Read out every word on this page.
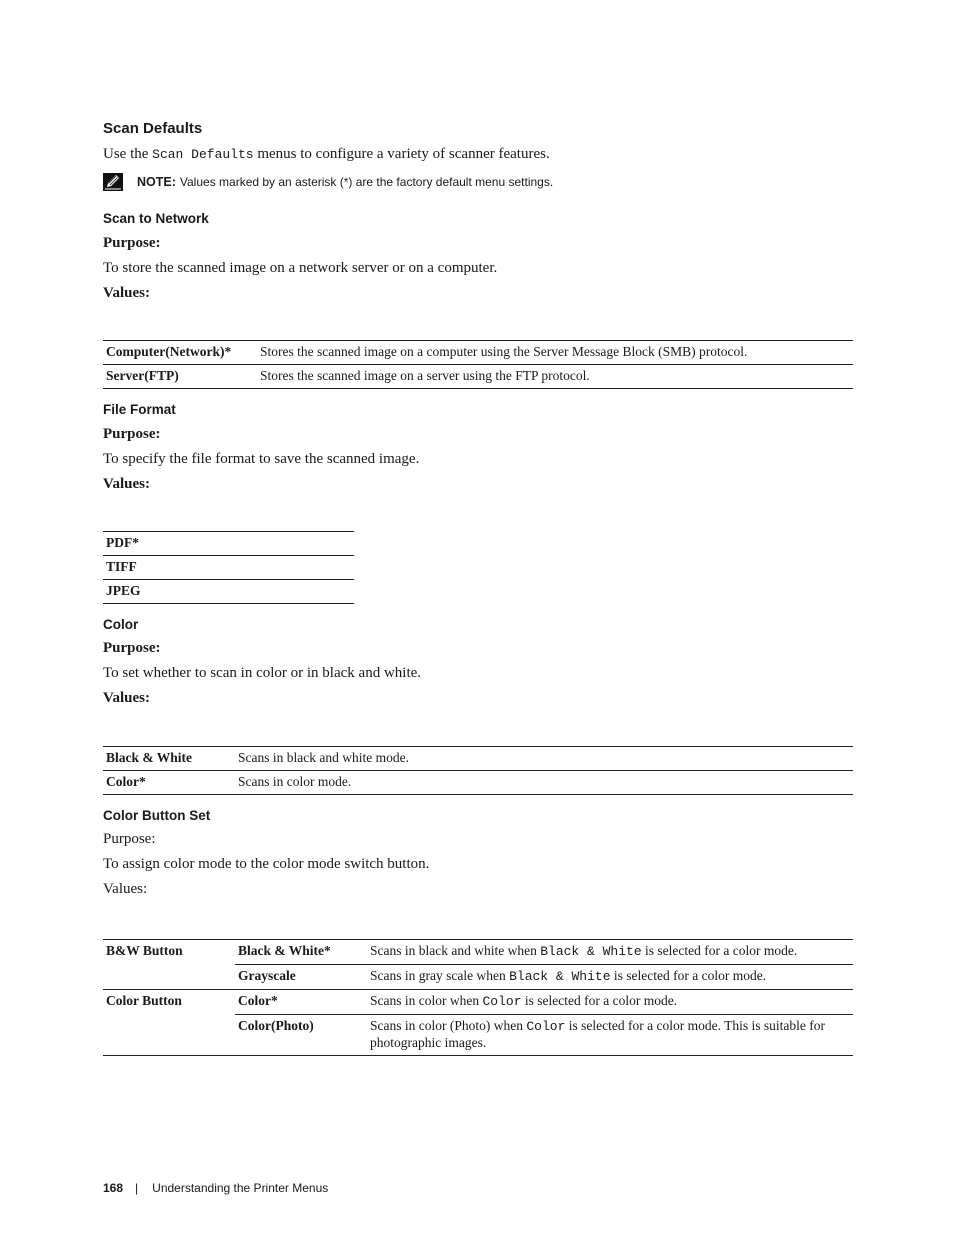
Scan Defaults
Use the Scan Defaults menus to configure a variety of scanner features.
NOTE: Values marked by an asterisk (*) are the factory default menu settings.
Scan to Network
Purpose:
To store the scanned image on a network server or on a computer.
Values:
Computer(Network)*	Stores the scanned image on a computer using the Server Message Block (SMB) protocol.
Server(FTP)	Stores the scanned image on a server using the FTP protocol.
File Format
Purpose:
To specify the file format to save the scanned image.
Values:
PDF*
TIFF
JPEG
Color
Purpose:
To set whether to scan in color or in black and white.
Values:
Black & White	Scans in black and white mode.
Color*	Scans in color mode.
Color Button Set
Purpose:
To assign color mode to the color mode switch button.
Values:
B&W Button	Black & White*	Scans in black and white when Black & White is selected for a color mode.
	Grayscale	Scans in gray scale when Black & White is selected for a color mode.
Color Button	Color*	Scans in color when Color is selected for a color mode.
	Color(Photo)	Scans in color (Photo) when Color is selected for a color mode. This is suitable for photographic images.
168 | Understanding the Printer Menus
